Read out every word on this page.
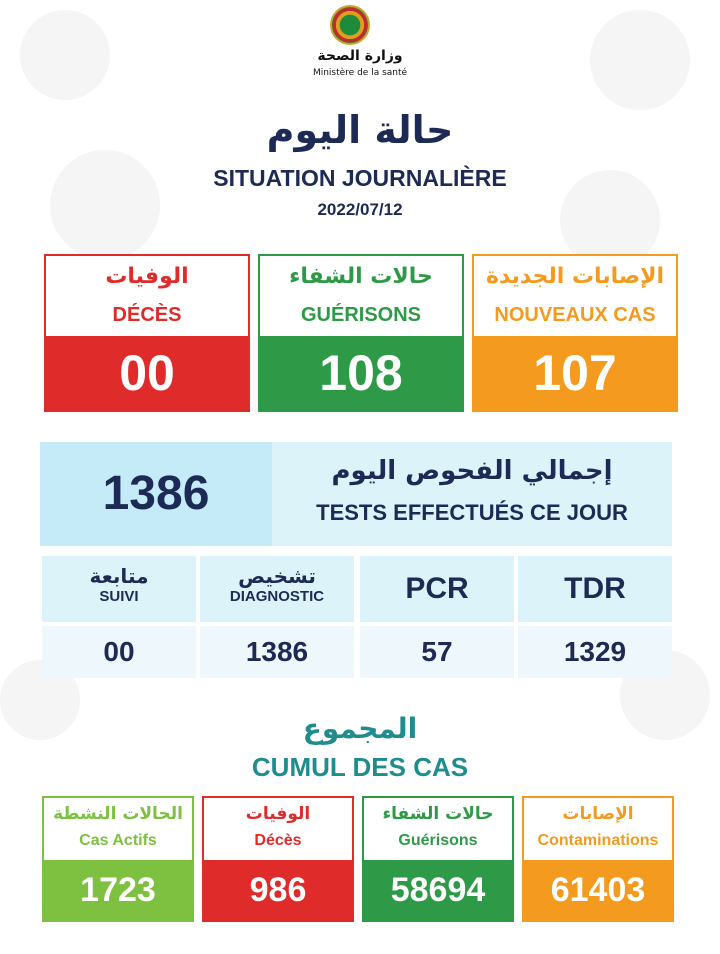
وزارة الصحة
Ministère de la santé
حالة اليوم
SITUATION JOURNALIÈRE
2022/07/12
الوفيات
DÉCÈS
00
حالات الشفاء
GUÉRISONS
108
الإصابات الجديدة
NOUVEAUX CAS
107
1386	إجمالي الفحوص اليوم
TESTS EFFECTUÉS CE JOUR
متابعة
SUIVI
00
تشخيص
DIAGNOSTIC
1386
PCR
57
TDR
1329
المجموع
CUMUL DES CAS
الحالات النشطة
Cas Actifs
1723
الوفيات
Décès
986
حالات الشفاء
Guérisons
58694
الإصابات
Contaminations
61403
